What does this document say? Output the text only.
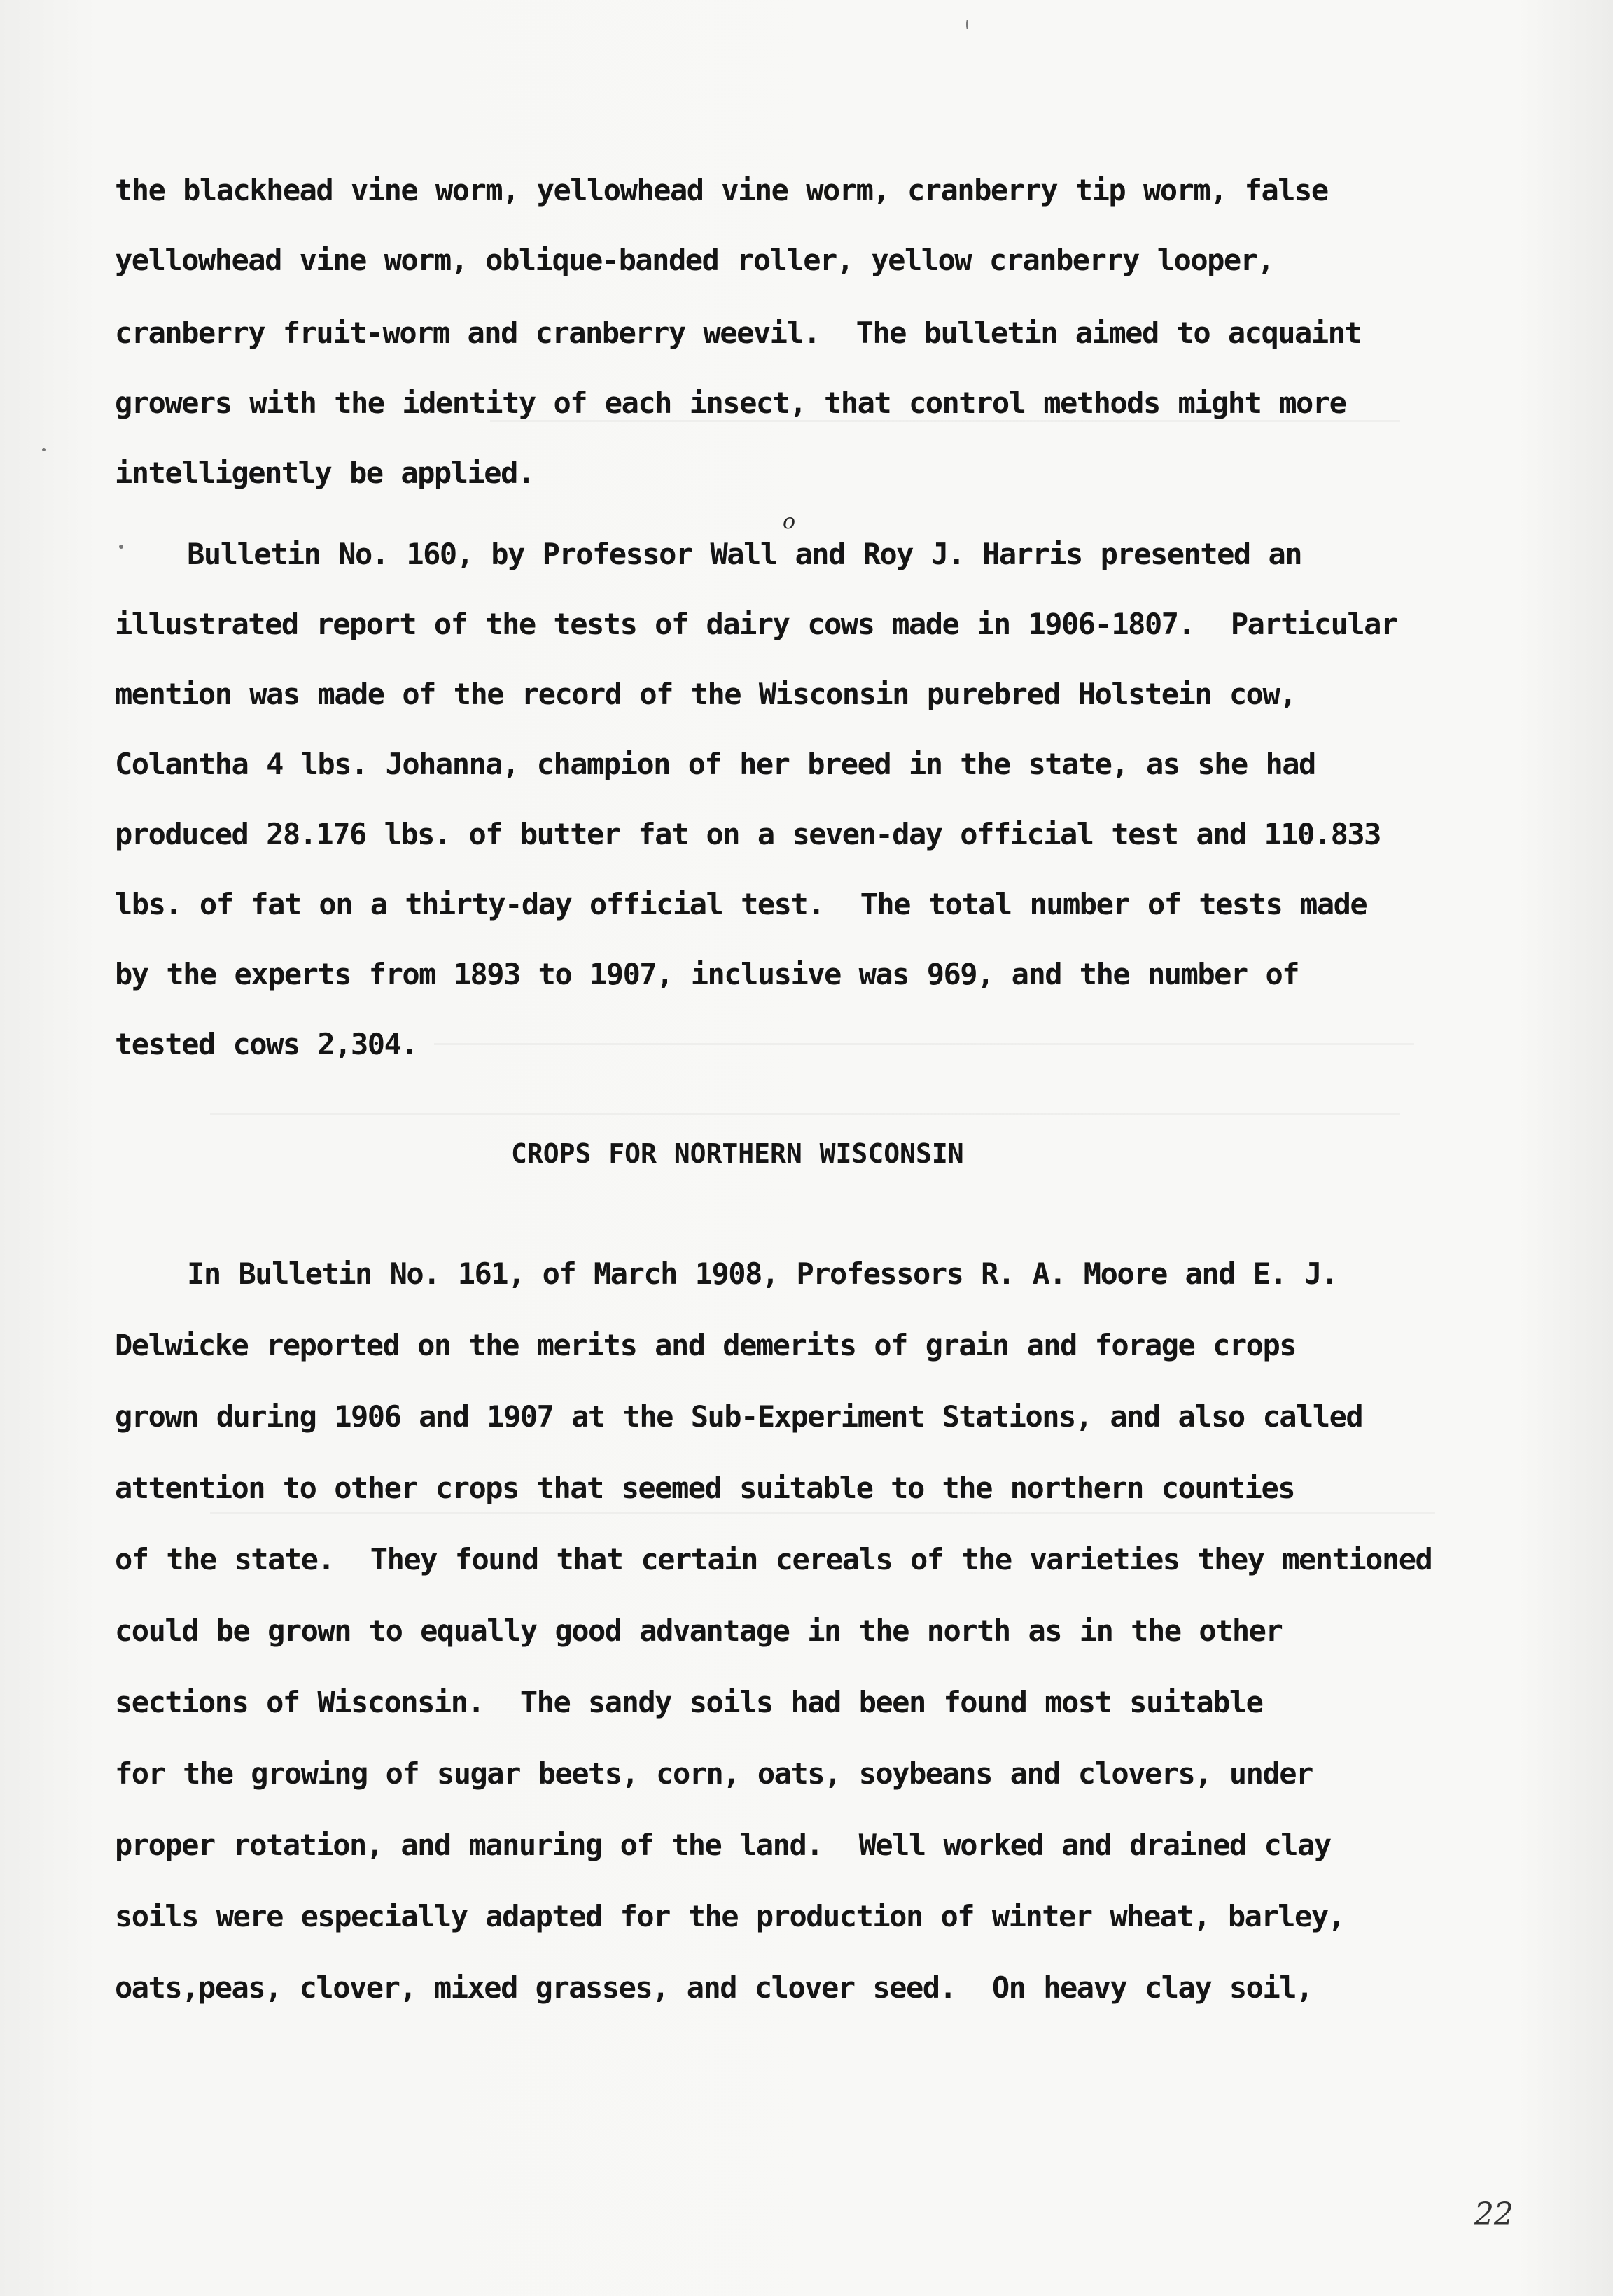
the blackhead vine worm, yellowhead vine worm, cranberry tip worm, false
yellowhead vine worm, oblique-banded roller, yellow cranberry looper,
cranberry fruit-worm and cranberry weevil.  The bulletin aimed to acquaint
growers with the identity of each insect, that control methods might more
intelligently be applied.
o
Bulletin No. 160, by Professor Wall and Roy J. Harris presented an
illustrated report of the tests of dairy cows made in 1906-1807.  Particular
mention was made of the record of the Wisconsin purebred Holstein cow,
Colantha 4 lbs. Johanna, champion of her breed in the state, as she had
produced 28.176 lbs. of butter fat on a seven-day official test and 110.833
lbs. of fat on a thirty-day official test.  The total number of tests made
by the experts from 1893 to 1907, inclusive was 969, and the number of
tested cows 2,304.
CROPS FOR NORTHERN WISCONSIN
In Bulletin No. 161, of March 1908, Professors R. A. Moore and E. J.
Delwicke reported on the merits and demerits of grain and forage crops
grown during 1906 and 1907 at the Sub-Experiment Stations, and also called
attention to other crops that seemed suitable to the northern counties
of the state.  They found that certain cereals of the varieties they mentioned
could be grown to equally good advantage in the north as in the other
sections of Wisconsin.  The sandy soils had been found most suitable
for the growing of sugar beets, corn, oats, soybeans and clovers, under
proper rotation, and manuring of the land.  Well worked and drained clay
soils were especially adapted for the production of winter wheat, barley,
oats,peas, clover, mixed grasses, and clover seed.  On heavy clay soil,
22
